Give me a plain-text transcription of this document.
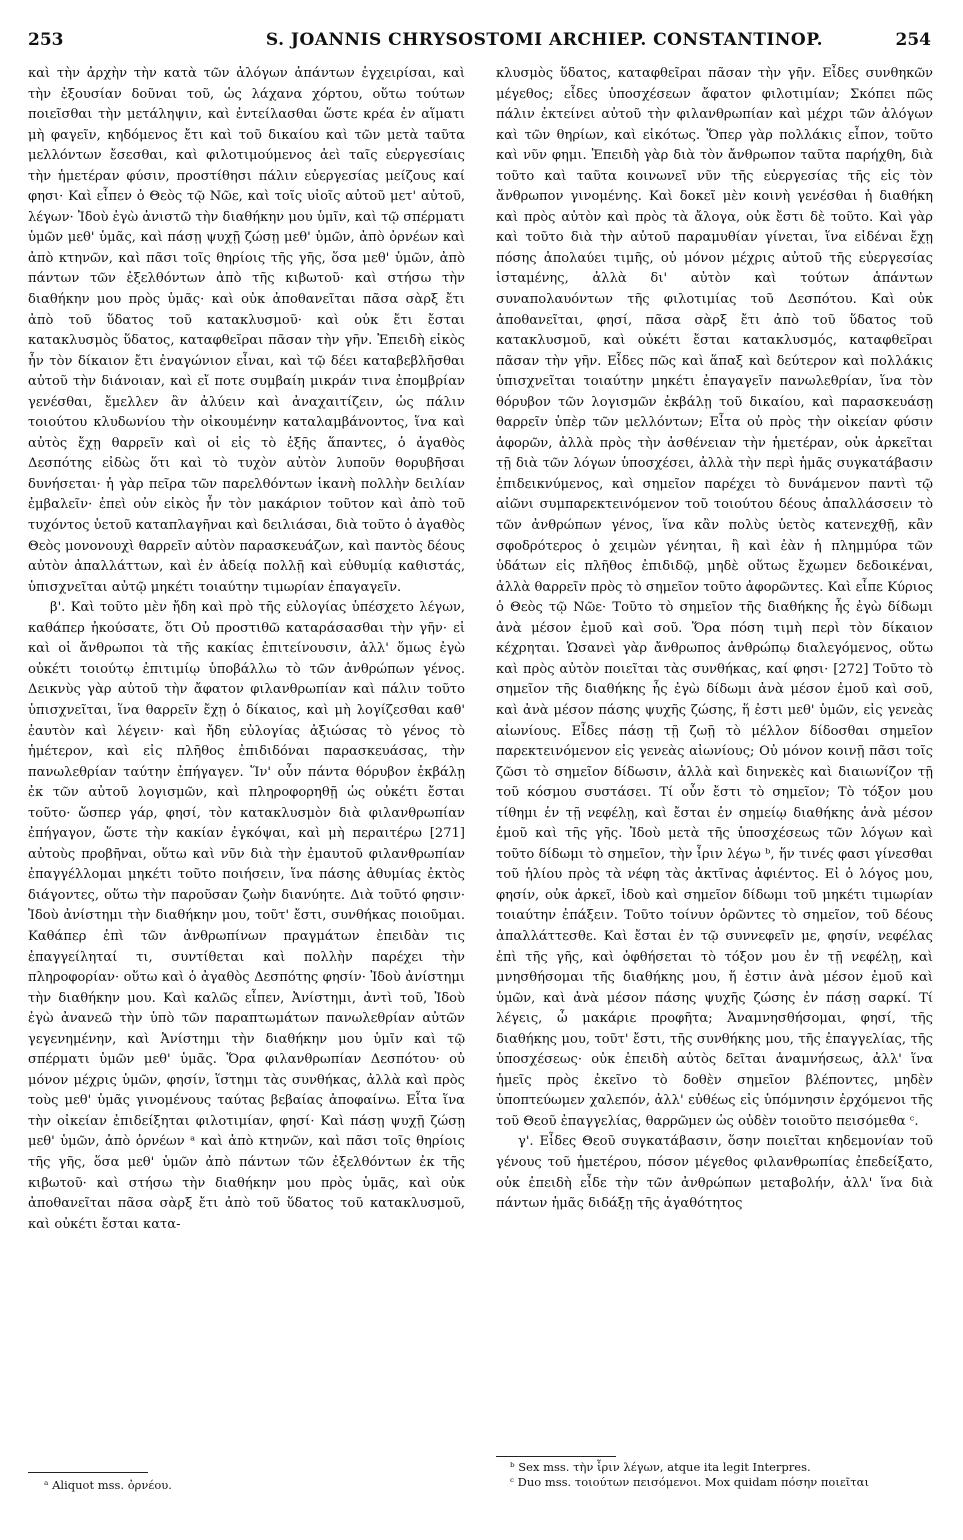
253	S. JOANNIS CHRYSOSTOMI ARCHIEP. CONSTANTINOP.	254

καὶ τὴν ἀρχὴν τὴν κατὰ τῶν ἀλόγων ἁπάντων ἐγχειρίσαι, καὶ τὴν ἐξουσίαν δοῦναι τοῦ, ὡς λάχανα χόρτου, οὕτω τούτων ποιεῖσθαι τὴν μετάληψιν, καὶ ἐντείλασθαι ὥστε κρέα ἐν αἵματι μὴ φαγεῖν, κηδόμενος ἔτι καὶ τοῦ δικαίου καὶ τῶν μετὰ ταῦτα μελλόντων ἔσεσθαι, καὶ φιλοτιμούμενος ἀεὶ ταῖς εὐεργεσίαις τὴν ἡμετέραν φύσιν, προστίθησι πάλιν εὐεργεσίας μείζους καί φησι· Καὶ εἶπεν ὁ Θεὸς τῷ Νῶε, καὶ τοῖς υἱοῖς αὐτοῦ μετ' αὐτοῦ, λέγων· Ἰδοὺ ἐγὼ ἀνιστῶ τὴν διαθήκην μου ὑμῖν, καὶ τῷ σπέρματι ὑμῶν μεθ' ὑμᾶς, καὶ πάσῃ ψυχῇ ζώσῃ μεθ' ὑμῶν, ἀπὸ ὀρνέων καὶ ἀπὸ κτηνῶν, καὶ πᾶσι τοῖς θηρίοις τῆς γῆς, ὅσα μεθ' ὑμῶν, ἀπὸ πάντων τῶν ἐξελθόντων ἀπὸ τῆς κιβωτοῦ· καὶ στήσω τὴν διαθήκην μου πρὸς ὑμᾶς· καὶ οὐκ ἀποθανεῖται πᾶσα σὰρξ ἔτι ἀπὸ τοῦ ὕδατος τοῦ κατακλυσμοῦ· καὶ οὐκ ἔτι ἔσται κατακλυσμὸς ὕδατος, καταφθεῖραι πᾶσαν τὴν γῆν. Ἐπειδὴ εἰκὸς ἦν τὸν δίκαιον ἔτι ἐναγώνιον εἶναι, καὶ τῷ δέει καταβεβλῆσθαι αὐτοῦ τὴν διάνοιαν, καὶ εἴ ποτε συμβαίη μικράν τινα ἐπομβρίαν γενέσθαι, ἔμελλεν ἂν ἀλύειν καὶ ἀναχαιτίζειν, ὡς πάλιν τοιούτου κλυδωνίου τὴν οἰκουμένην καταλαμβάνοντος, ἵνα καὶ αὐτὸς ἔχῃ θαρρεῖν καὶ οἱ εἰς τὸ ἑξῆς ἅπαντες, ὁ ἀγαθὸς Δεσπότης εἰδὼς ὅτι καὶ τὸ τυχὸν αὐτὸν λυποῦν θορυβῆσαι δυνήσεται· ἡ γὰρ πεῖρα τῶν παρελθόντων ἱκανὴ πολλὴν δειλίαν ἐμβαλεῖν· ἐπεὶ οὐν εἰκὸς ἦν τὸν μακάριον τοῦτον καὶ ἀπὸ τοῦ τυχόντος ὑετοῦ καταπλαγῆναι καὶ δειλιάσαι, διὰ τοῦτο ὁ ἀγαθὸς Θεὸς μονονουχὶ θαρρεῖν αὐτὸν παρασκευάζων, καὶ παντὸς δέους αὐτὸν ἀπαλλάττων, καὶ ἐν ἀδείᾳ πολλῇ καὶ εὐθυμίᾳ καθιστάς, ὑπισχνεῖται αὐτῷ μηκέτι τοιαύτην τιμωρίαν ἐπαγαγεῖν.

β'. Καὶ τοῦτο μὲν ἤδη καὶ πρὸ τῆς εὐλογίας ὑπέσχετο λέγων, καθάπερ ἠκούσατε, ὅτι Οὐ προστιθῶ καταράσασθαι τὴν γῆν· εἰ καὶ οἱ ἄνθρωποι τὰ τῆς κακίας ἐπιτείνουσιν, ἀλλ' ὅμως ἐγὼ οὐκέτι τοιούτῳ ἐπιτιμίῳ ὑποβάλλω τὸ τῶν ἀνθρώπων γένος. Δεικνὺς γὰρ αὐτοῦ τὴν ἄφατον φιλανθρωπίαν καὶ πάλιν τοῦτο ὑπισχνεῖται, ἵνα θαρρεῖν ἔχῃ ὁ δίκαιος, καὶ μὴ λογίζεσθαι καθ' ἑαυτὸν καὶ λέγειν· καὶ ἤδη εὐλογίας ἀξιώσας τὸ γένος τὸ ἡμέτερον, καὶ εἰς πλῆθος ἐπιδιδόναι παρασκευάσας, τὴν πανωλεθρίαν ταύτην ἐπήγαγεν. Ἵν' οὖν πάντα θόρυβον ἐκβάλῃ ἐκ τῶν αὐτοῦ λογισμῶν, καὶ πληροφορηθῇ ὡς οὐκέτι ἔσται τοῦτο· ὥσπερ γάρ, φησί, τὸν κατακλυσμὸν διὰ φιλανθρωπίαν ἐπήγαγον, ὥστε τὴν κακίαν ἐγκόψαι, καὶ μὴ περαιτέρω [271] αὐτοὺς προβῆναι, οὕτω καὶ νῦν διὰ τὴν ἐμαυτοῦ φιλανθρωπίαν ἐπαγγέλλομαι μηκέτι τοῦτο ποιήσειν, ἵνα πάσης ἀθυμίας ἐκτὸς διάγοντες, οὕτω τὴν παροῦσαν ζωὴν διανύητε. Διὰ τοῦτό φησιν· Ἰδοὺ ἀνίστημι τὴν διαθήκην μου, τοῦτ' ἔστι, συνθήκας ποιοῦμαι. Καθάπερ ἐπὶ τῶν ἀνθρωπίνων πραγμάτων ἐπειδὰν τις ἐπαγγείληταί τι, συντίθεται καὶ πολλὴν παρέχει τὴν πληροφορίαν· οὕτω καὶ ὁ ἀγαθὸς Δεσπότης φησίν· Ἰδοὺ ἀνίστημι τὴν διαθήκην μου. Καὶ καλῶς εἶπεν, Ἀνίστημι, ἀντὶ τοῦ, Ἰδοὺ ἐγὼ ἀνανεῶ τὴν ὑπὸ τῶν παραπτωμάτων πανωλεθρίαν αὐτῶν γεγενημένην, καὶ Ἀνίστημι τὴν διαθήκην μου ὑμῖν καὶ τῷ σπέρματι ὑμῶν μεθ' ὑμᾶς. Ὅρα φιλανθρωπίαν Δεσπότου· οὐ μόνον μέχρις ὑμῶν, φησίν, ἵστημι τὰς συνθήκας, ἀλλὰ καὶ πρὸς τοὺς μεθ' ὑμᾶς γινομένους ταύτας βεβαίας ἀποφαίνω. Εἶτα ἵνα τὴν οἰκείαν ἐπιδείξηται φιλοτιμίαν, φησί· Καὶ πάσῃ ψυχῇ ζώσῃ μεθ' ὑμῶν, ἀπὸ ὀρνέων ᵃ καὶ ἀπὸ κτηνῶν, καὶ πᾶσι τοῖς θηρίοις τῆς γῆς, ὅσα μεθ' ὑμῶν ἀπὸ πάντων τῶν ἐξελθόντων ἐκ τῆς κιβωτοῦ· καὶ στήσω τὴν διαθήκην μου πρὸς ὑμᾶς, καὶ οὐκ ἀποθανεῖται πᾶσα σὰρξ ἔτι ἀπὸ τοῦ ὕδατος τοῦ κατακλυσμοῦ, καὶ οὐκέτι ἔσται κατα-

κλυσμὸς ὕδατος, καταφθεῖραι πᾶσαν τὴν γῆν. Εἶδες συνθηκῶν μέγεθος; εἶδες ὑποσχέσεων ἄφατον φιλοτιμίαν; Σκόπει πῶς πάλιν ἐκτείνει αὐτοῦ τὴν φιλανθρωπίαν καὶ μέχρι τῶν ἀλόγων καὶ τῶν θηρίων, καὶ εἰκότως. Ὅπερ γὰρ πολλάκις εἶπον, τοῦτο καὶ νῦν φημι. Ἐπειδὴ γὰρ διὰ τὸν ἄνθρωπον ταῦτα παρήχθη, διὰ τοῦτο καὶ ταῦτα κοινωνεῖ νῦν τῆς εὐεργεσίας τῆς εἰς τὸν ἄνθρωπον γινομένης. Καὶ δοκεῖ μὲν κοινὴ γενέσθαι ἡ διαθήκη καὶ πρὸς αὐτὸν καὶ πρὸς τὰ ἄλογα, οὐκ ἔστι δὲ τοῦτο. Καὶ γὰρ καὶ τοῦτο διὰ τὴν αὐτοῦ παραμυθίαν γίνεται, ἵνα εἰδέναι ἔχῃ πόσης ἀπολαύει τιμῆς, οὐ μόνον μέχρις αὐτοῦ τῆς εὐεργεσίας ἱσταμένης, ἀλλὰ δι' αὐτὸν καὶ τούτων ἁπάντων συναπολαυόντων τῆς φιλοτιμίας τοῦ Δεσπότου. Καὶ οὐκ ἀποθανεῖται, φησί, πᾶσα σὰρξ ἔτι ἀπὸ τοῦ ὕδατος τοῦ κατακλυσμοῦ, καὶ οὐκέτι ἔσται κατακλυσμός, καταφθεῖραι πᾶσαν τὴν γῆν. Εἶδες πῶς καὶ ἅπαξ καὶ δεύτερον καὶ πολλάκις ὑπισχνεῖται τοιαύτην μηκέτι ἐπαγαγεῖν πανωλεθρίαν, ἵνα τὸν θόρυβον τῶν λογισμῶν ἐκβάλῃ τοῦ δικαίου, καὶ παρασκευάσῃ θαρρεῖν ὑπὲρ τῶν μελλόντων; Εἶτα οὐ πρὸς τὴν οἰκείαν φύσιν ἀφορῶν, ἀλλὰ πρὸς τὴν ἀσθένειαν τὴν ἡμετέραν, οὐκ ἀρκεῖται τῇ διὰ τῶν λόγων ὑποσχέσει, ἀλλὰ τὴν περὶ ἡμᾶς συγκατάβασιν ἐπιδεικνύμενος, καὶ σημεῖον παρέχει τὸ δυνάμενον παντὶ τῷ αἰῶνι συμπαρεκτεινόμενον τοῦ τοιούτου δέους ἀπαλλάσσειν τὸ τῶν ἀνθρώπων γένος, ἵνα κἂν πολὺς ὑετὸς κατενεχθῇ, κἂν σφοδρότερος ὁ χειμὼν γένηται, ἢ καὶ ἐὰν ἡ πλημμύρα τῶν ὑδάτων εἰς πλῆθος ἐπιδιδῷ, μηδὲ οὕτως ἔχωμεν δεδοικέναι, ἀλλὰ θαρρεῖν πρὸς τὸ σημεῖον τοῦτο ἀφορῶντες. Καὶ εἶπε Κύριος ὁ Θεὸς τῷ Νῶε· Τοῦτο τὸ σημεῖον τῆς διαθήκης ἧς ἐγὼ δίδωμι ἀνὰ μέσον ἐμοῦ καὶ σοῦ. Ὅρα πόση τιμὴ περὶ τὸν δίκαιον κέχρηται. Ὡσανεὶ γὰρ ἄνθρωπος ἀνθρώπῳ διαλεγόμενος, οὕτω καὶ πρὸς αὐτὸν ποιεῖται τὰς συνθήκας, καί φησι· [272] Τοῦτο τὸ σημεῖον τῆς διαθήκης ἧς ἐγὼ δίδωμι ἀνὰ μέσον ἐμοῦ καὶ σοῦ, καὶ ἀνὰ μέσον πάσης ψυχῆς ζώσης, ἥ ἐστι μεθ' ὑμῶν, εἰς γενεὰς αἰωνίους. Εἶδες πάσῃ τῇ ζωῇ τὸ μέλλον δίδοσθαι σημεῖον παρεκτεινόμενον εἰς γενεὰς αἰωνίους; Οὐ μόνον κοινῇ πᾶσι τοῖς ζῶσι τὸ σημεῖον δίδωσιν, ἀλλὰ καὶ διηνεκὲς καὶ διαιωνίζον τῇ τοῦ κόσμου συστάσει. Τί οὖν ἔστι τὸ σημεῖον; Τὸ τόξον μου τίθημι ἐν τῇ νεφέλῃ, καὶ ἔσται ἐν σημείῳ διαθήκης ἀνὰ μέσον ἐμοῦ καὶ τῆς γῆς. Ἰδοὺ μετὰ τῆς ὑποσχέσεως τῶν λόγων καὶ τοῦτο δίδωμι τὸ σημεῖον, τὴν ἶριν λέγω ᵇ, ἥν τινές φασι γίνεσθαι τοῦ ἡλίου πρὸς τὰ νέφη τὰς ἀκτῖνας ἀφιέντος. Εἰ ὁ λόγος μου, φησίν, οὐκ ἀρκεῖ, ἰδοὺ καὶ σημεῖον δίδωμι τοῦ μηκέτι τιμωρίαν τοιαύτην ἐπάξειν. Τοῦτο τοίνυν ὁρῶντες τὸ σημεῖον, τοῦ δέους ἀπαλλάττεσθε. Καὶ ἔσται ἐν τῷ συννεφεῖν με, φησίν, νεφέλας ἐπὶ τῆς γῆς, καὶ ὀφθήσεται τὸ τόξον μου ἐν τῇ νεφέλῃ, καὶ μνησθήσομαι τῆς διαθήκης μου, ἥ ἐστιν ἀνὰ μέσον ἐμοῦ καὶ ὑμῶν, καὶ ἀνὰ μέσον πάσης ψυχῆς ζώσης ἐν πάσῃ σαρκί. Τί λέγεις, ὦ μακάριε προφῆτα; Ἀναμνησθήσομαι, φησί, τῆς διαθήκης μου, τοῦτ' ἔστι, τῆς συνθήκης μου, τῆς ἐπαγγελίας, τῆς ὑποσχέσεως· οὐκ ἐπειδὴ αὐτὸς δεῖται ἀναμνήσεως, ἀλλ' ἵνα ἡμεῖς πρὸς ἐκεῖνο τὸ δοθὲν σημεῖον βλέποντες, μηδὲν ὑποπτεύωμεν χαλεπόν, ἀλλ' εὐθέως εἰς ὑπόμνησιν ἐρχόμενοι τῆς τοῦ Θεοῦ ἐπαγγελίας, θαρρῶμεν ὡς οὐδὲν τοιοῦτο πεισόμεθα ᶜ.

γ'. Εἶδες Θεοῦ συγκατάβασιν, ὅσην ποιεῖται κηδεμονίαν τοῦ γένους τοῦ ἡμετέρου, πόσον μέγεθος φιλανθρωπίας ἐπεδείξατο, οὐκ ἐπειδὴ εἶδε τὴν τῶν ἀνθρώπων μεταβολήν, ἀλλ' ἵνα διὰ πάντων ἡμᾶς διδάξῃ τῆς ἀγαθότητος

ᵃ Aliquot mss. ὀρνέου.
ᵇ Sex mss. τὴν ἶριν λέγων, atque ita legit Interpres.
ᶜ Duo mss. τοιούτων πεισόμενοι. Mox quidam πόσην ποιεῖται
